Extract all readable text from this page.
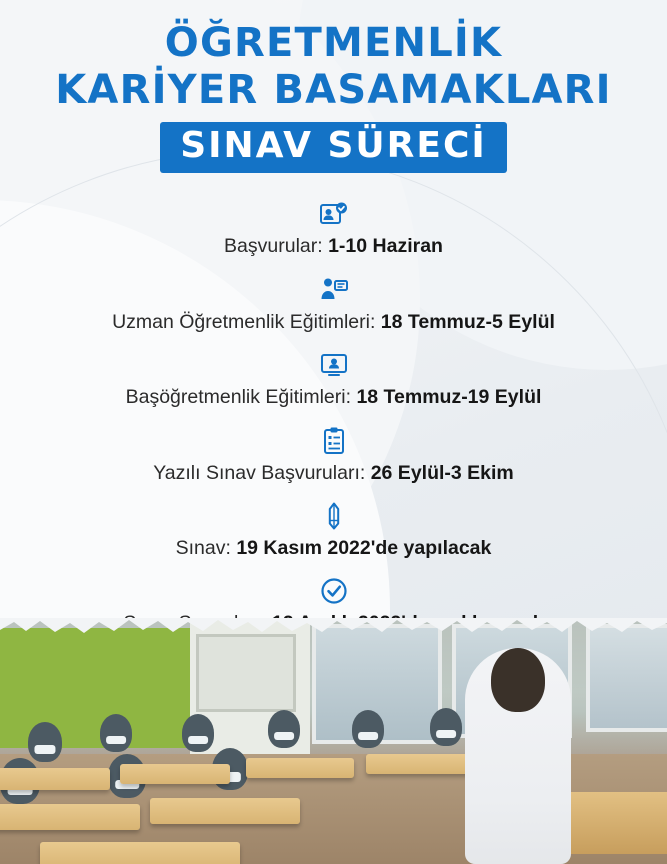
ÖĞRETMENLİK
KARİYER BASAMAKLARI
SINAV SÜRECİ
Başvurular: 1-10 Haziran
Uzman Öğretmenlik Eğitimleri: 18 Temmuz-5 Eylül
Başöğretmenlik Eğitimleri: 18 Temmuz-19 Eylül
Yazılı Sınav Başvuruları: 26 Eylül-3 Ekim
Sınav: 19 Kasım 2022'de yapılacak
